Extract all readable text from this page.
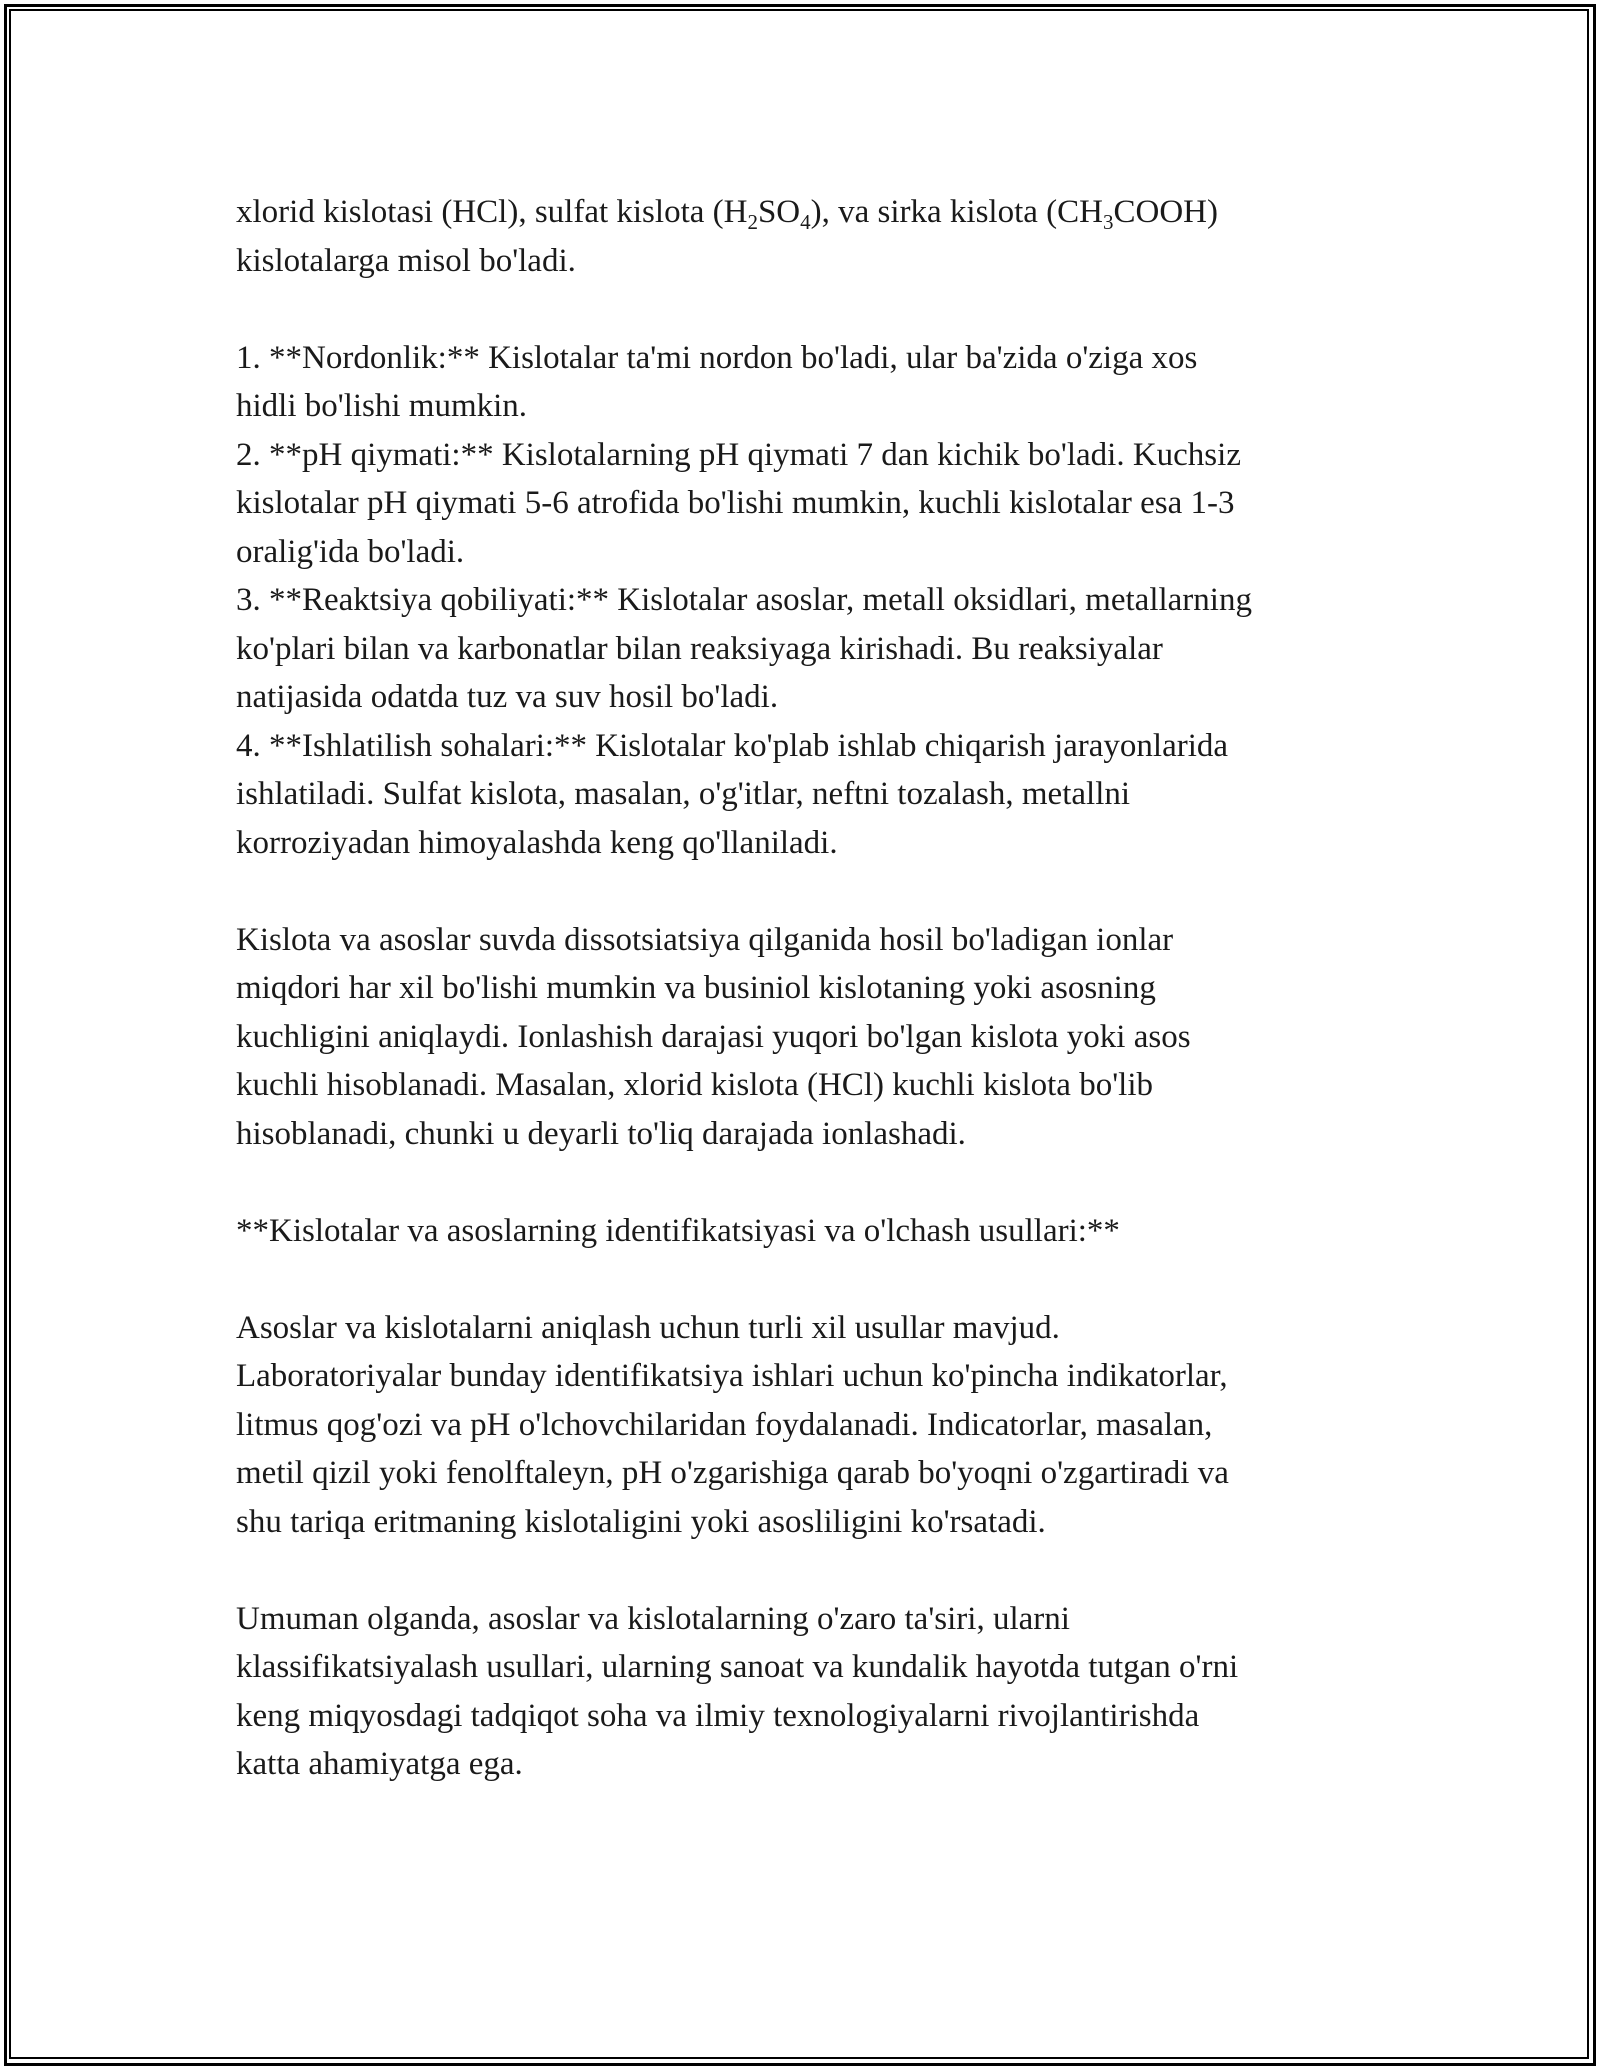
xlorid kislotasi (HCl), sulfat kislota $(H_2SO_4)$, va sirka kislota $(CH_3COOH)$
kislotalarga misol bo'ladi.
1. **Nordonlik:** Kislotalar ta'mi nordon bo'ladi, ular ba'zida o'ziga xos
hidli bo'lishi mumkin.
2. **pH qiymati:** Kislotalarning pH qiymati 7 dan kichik bo'ladi. Kuchsiz
kislotalar pH qiymati 5-6 atrofida bo'lishi mumkin, kuchli kislotalar esa 1-3
oralig'ida bo'ladi.
3. **Reaktsiya qobiliyati:** Kislotalar asoslar, metall oksidlari, metallarning
ko'plari bilan va karbonatlar bilan reaksiyaga kirishadi. Bu reaksiyalar
natijasida odatda tuz va suv hosil bo'ladi.
4. **Ishlatilish sohalari:** Kislotalar ko'plab ishlab chiqarish jarayonlarida
ishlatiladi. Sulfat kislota, masalan, o'g'itlar, neftni tozalash, metallni
korroziyadan himoyalashda keng qo'llaniladi.
Kislota va asoslar suvda dissotsiatsiya qilganida hosil bo'ladigan ionlar
miqdori har xil bo'lishi mumkin va businiol kislotaning yoki asosning
kuchligini aniqlaydi. Ionlashish darajasi yuqori bo'lgan kislota yoki asos
kuchli hisoblanadi. Masalan, xlorid kislota (HCl) kuchli kislota bo'lib
hisoblanadi, chunki u deyarli to'liq darajada ionlashadi.
**Kislotalar va asoslarning identifikatsiyasi va o'lchash usullari:**
Asoslar va kislotalarni aniqlash uchun turli xil usullar mavjud.
Laboratoriyalar bunday identifikatsiya ishlari uchun ko'pincha indikatorlar,
litmus qog'ozi va pH o'lchovchilaridan foydalanadi. Indicatorlar, masalan,
metil qizil yoki fenolftaleyn, pH o'zgarishiga qarab bo'yoqni o'zgartiradi va
shu tariqa eritmaning kislotaligini yoki asosliligini ko'rsatadi.
Umuman olganda, asoslar va kislotalarning o'zaro ta'siri, ularni
klassifikatsiyalash usullari, ularning sanoat va kundalik hayotda tutgan o'rni
keng miqyosdagi tadqiqot soha va ilmiy texnologiyalarni rivojlantirishda
katta ahamiyatga ega.
